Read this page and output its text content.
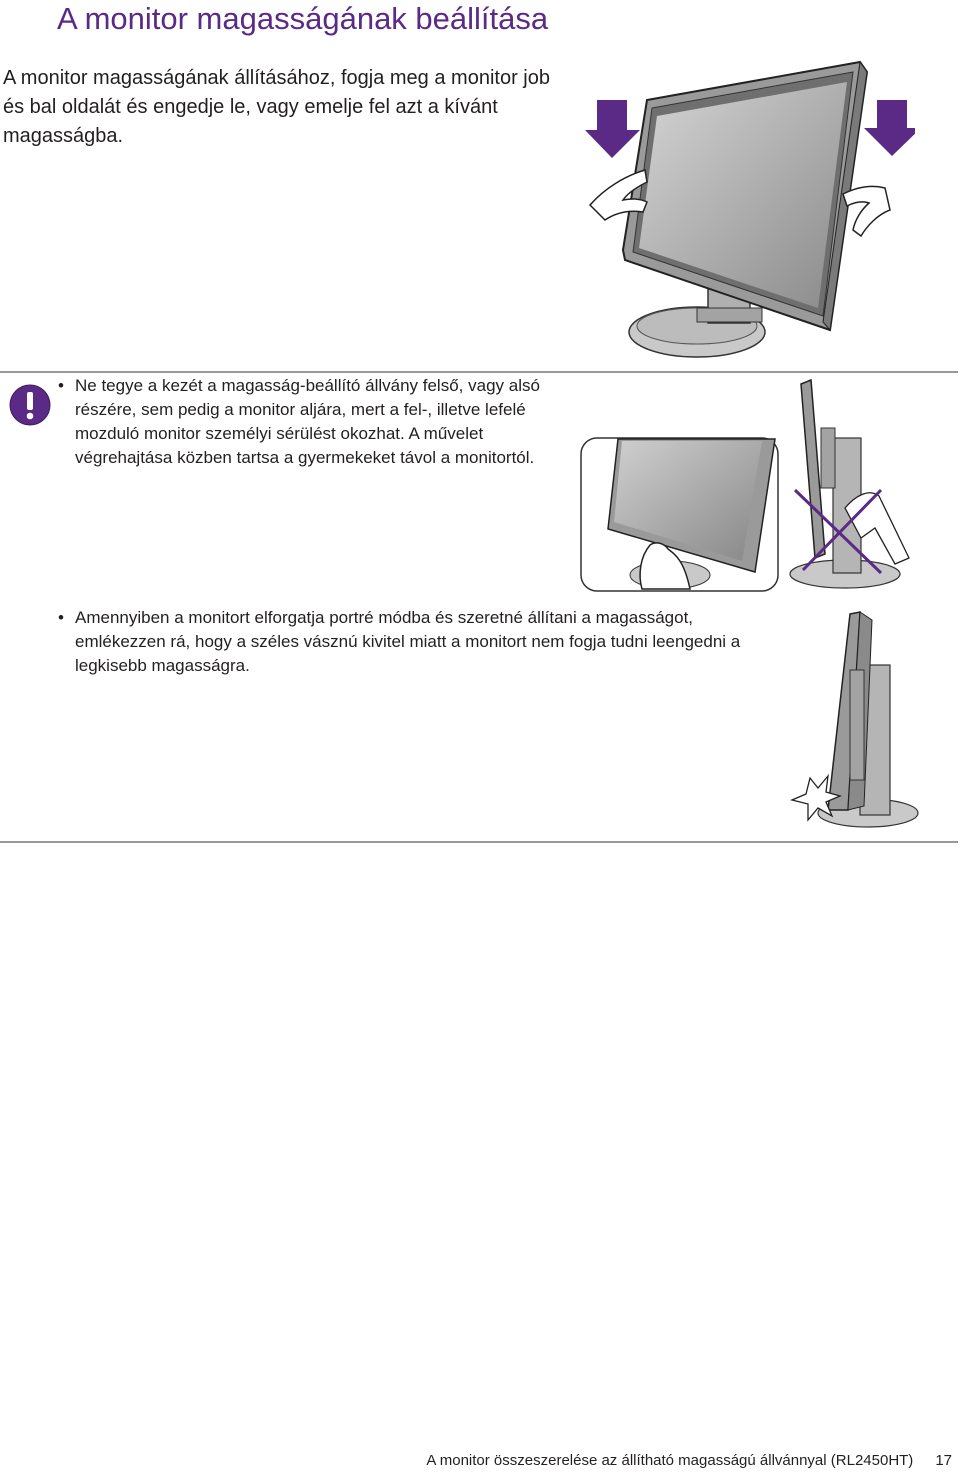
A monitor magasságának beállítása

A monitor magasságának állításához, fogja meg a monitor job és bal oldalát és engedje le, vagy emelje fel azt a kívánt magasságba.

• Ne tegye a kezét a magasság-beállító állvány felső, vagy alsó részére, sem pedig a monitor aljára, mert a fel-, illetve lefelé mozduló monitor személyi sérülést okozhat. A művelet végrehajtása közben tartsa a gyermekeket távol a monitortól.
• Amennyiben a monitort elforgatja portré módba és szeretné állítani a magasságot, emlékezzen rá, hogy a széles vásznú kivitel miatt a monitort nem fogja tudni leengedni a legkisebb magasságra.
A monitor összeszerelése az állítható magasságú állvánnyal (RL2450HT) 17
